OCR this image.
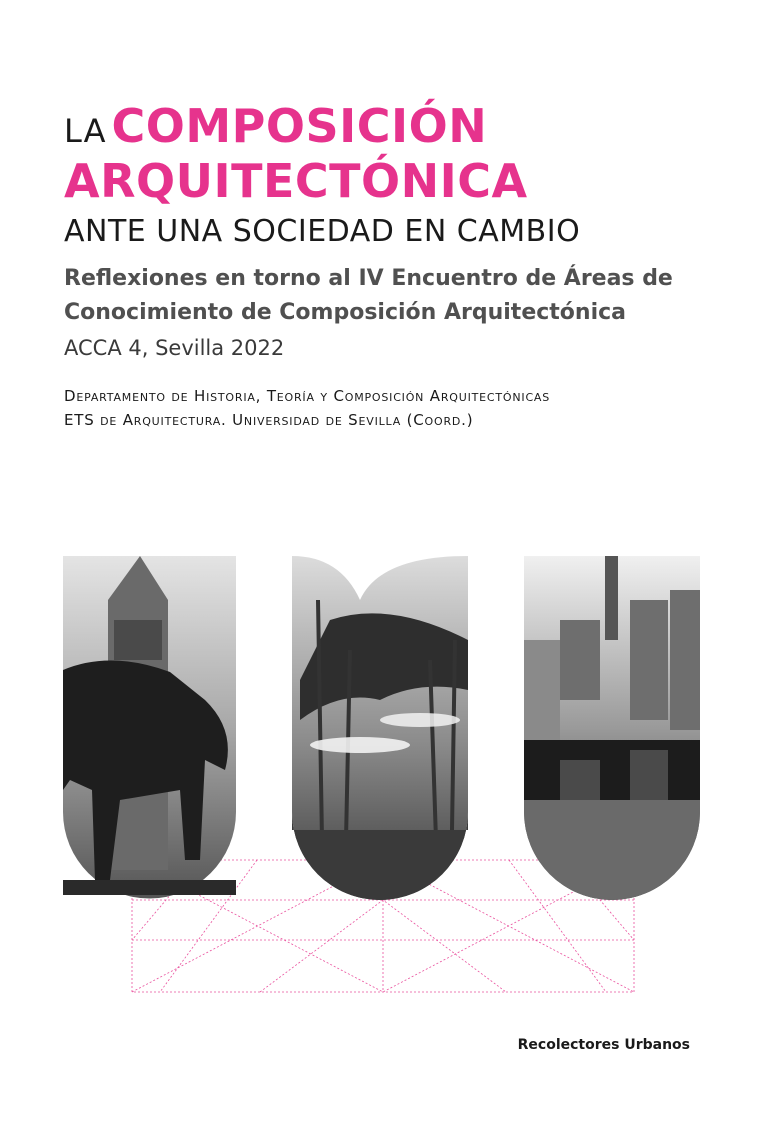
LA COMPOSICIÓN
ARQUITECTÓNICA
ANTE UNA SOCIEDAD EN CAMBIO
Reflexiones en torno al IV Encuentro de Áreas de
Conocimiento de Composición Arquitectónica
ACCA 4, Sevilla 2022
Departamento de Historia, Teoría y Composición Arquitectónicas
ETS de Arquitectura. Universidad de Sevilla (Coord.)
Recolectores Urbanos
